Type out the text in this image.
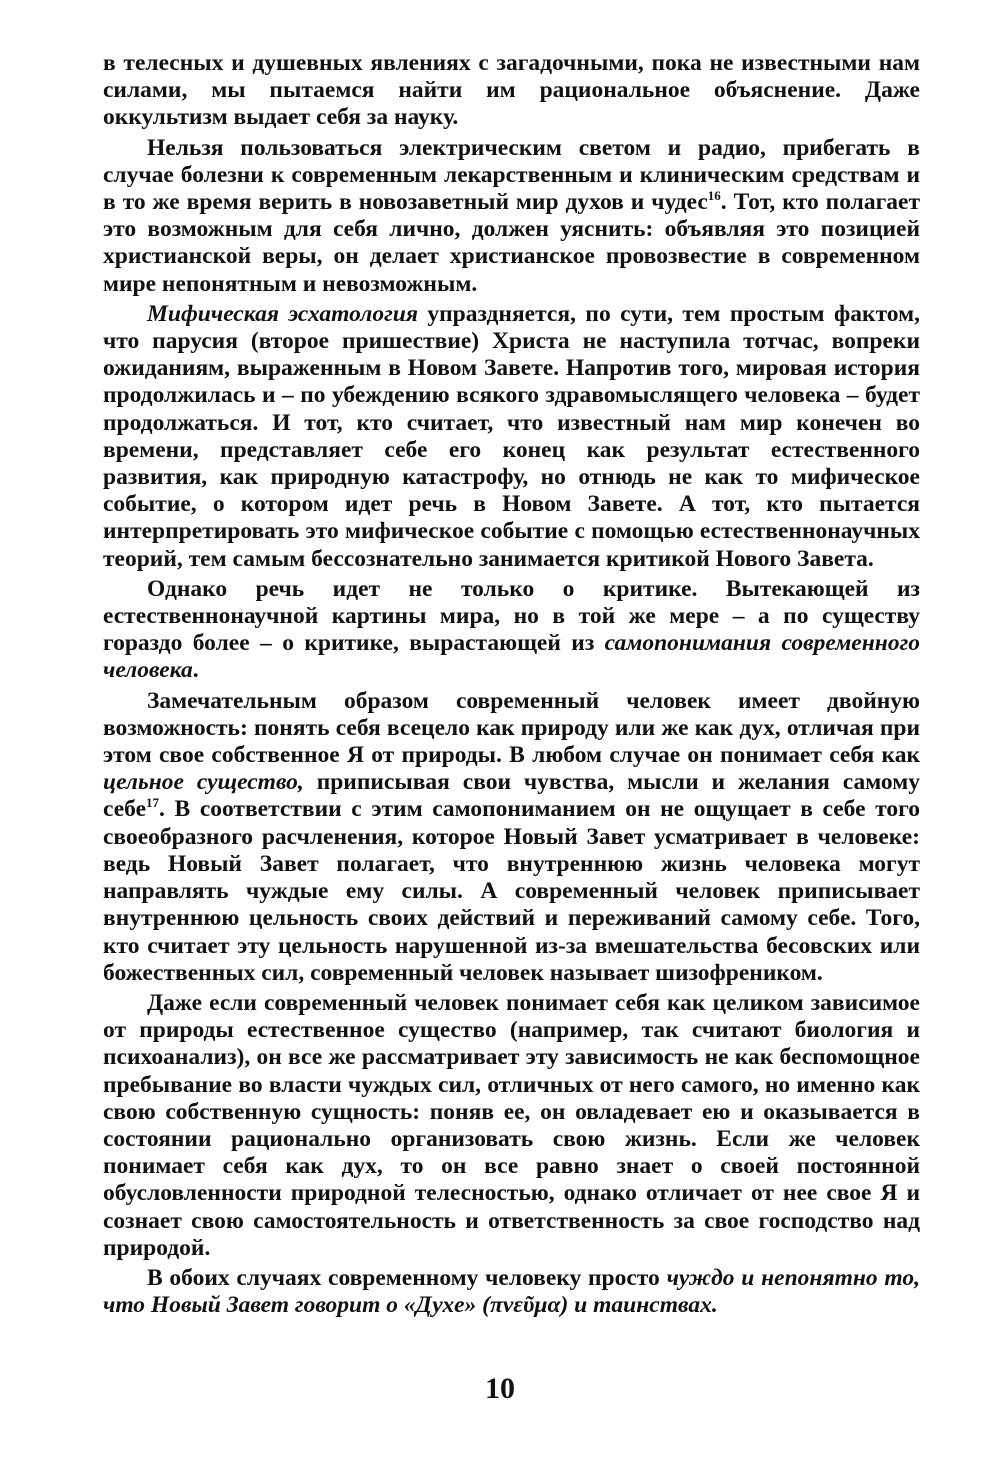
в телесных и душевных явлениях с загадочными, пока не известными нам силами, мы пытаемся найти им рациональное объяснение. Даже оккультизм выдает себя за науку.

Нельзя пользоваться электрическим светом и радио, прибегать в случае болезни к современным лекарственным и клиническим средствам и в то же время верить в новозаветный мир духов и чудес$^{16}$. Тот, кто полагает это возможным для себя лично, должен уяснить: объявляя это позицией христианской веры, он делает христианское провозвестие в современном мире непонятным и невозможным.

Мифическая эсхатология упраздняется, по сути, тем простым фактом, что парусия (второе пришествие) Христа не наступила тотчас, вопреки ожиданиям, выраженным в Новом Завете. Напротив того, мировая история продолжилась и – по убеждению всякого здравомыслящего человека – будет продолжаться. И тот, кто считает, что известный нам мир конечен во времени, представляет себе его конец как результат естественного развития, как природную катастрофу, но отнюдь не как то мифическое событие, о котором идет речь в Новом Завете. А тот, кто пытается интерпретировать это мифическое событие с помощью естественнонаучных теорий, тем самым бессознательно занимается критикой Нового Завета.

Однако речь идет не только о критике. Вытекающей из естественнонаучной картины мира, но в той же мере – а по существу гораздо более – о критике, вырастающей из самопонимания современного человека.

Замечательным образом современный человек имеет двойную возможность: понять себя всецело как природу или же как дух, отличая при этом свое собственное Я от природы. В любом случае он понимает себя как цельное существо, приписывая свои чувства, мысли и желания самому себе$^{17}$. В соответствии с этим самопониманием он не ощущает в себе того своеобразного расчленения, которое Новый Завет усматривает в человеке: ведь Новый Завет полагает, что внутреннюю жизнь человека могут направлять чуждые ему силы. А современный человек приписывает внутреннюю цельность своих действий и переживаний самому себе. Того, кто считает эту цельность нарушенной из-за вмешательства бесовских или божественных сил, современный человек называет шизофреником.

Даже если современный человек понимает себя как целиком зависимое от природы естественное существо (например, так считают биология и психоанализ), он все же рассматривает эту зависимость не как беспомощное пребывание во власти чуждых сил, отличных от него самого, но именно как свою собственную сущность: поняв ее, он овладевает ею и оказывается в состоянии рационально организовать свою жизнь. Если же человек понимает себя как дух, то он все равно знает о своей постоянной обусловленности природной телесностью, однако отличает от нее свое Я и сознает свою самостоятельность и ответственность за свое господство над природой.

В обоих случаях современному человеку просто чуждо и непонятно то, что Новый Завет говорит о «Духе» (πνεῦμα) и таинствах.

10
